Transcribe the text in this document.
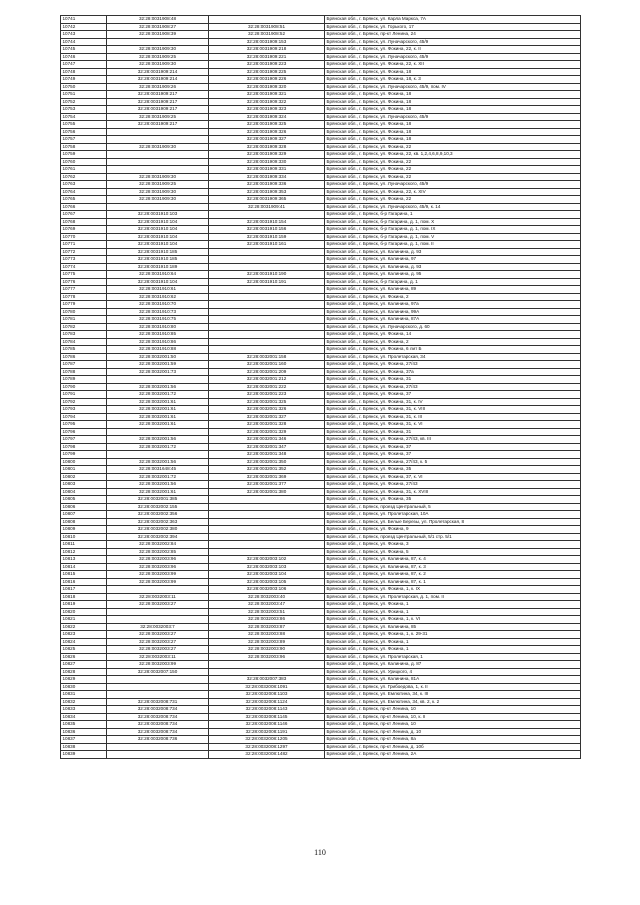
10741	32:28:0031908:48		Брянская обл., г. Брянск, ул. Карла Маркса, 7А
10742	32:28:0031908:27	32:28:0031908:51	Брянская обл., г. Брянск, ул. Горького, 17
10743	32:28:0031908:39	32:28:0031908:52	Брянская обл., г. Брянск, пр-кт Ленина, 24
10744		32:28:0031909:153	Брянская обл., г. Брянск, ул. Луначарского, 45/9
10745	32:28:0031909:30	32:28:0031909:218	Брянская обл., г. Брянск, ул. Фокина, 22, к. II
10746	32:28:0031909:25	32:28:0031909:221	Брянская обл., г. Брянск, ул. Луначарского, 45/9
10747	32:28:0031909:30	32:28:0031909:223	Брянская обл., г. Брянск, ул. Фокина, 22, к. XII
10748	32:28:0031909:214	32:28:0031909:225	Брянская обл., г. Брянск, ул. Фокина, 18
10749	32:28:0031909:214	32:28:0031909:226	Брянская обл., г. Брянск, ул. Фокина, 18, к. 3
10750	32:28:0031909:26	32:28:0031909:320	Брянская обл., г. Брянск, ул. Луначарского, 45/9, пом. IV
10751	32:28:0031909:217	32:28:0031909:321	Брянская обл., г. Брянск, ул. Фокина, 18
10752	32:28:0031909:217	32:28:0031909:322	Брянская обл., г. Брянск, ул. Фокина, 18
10753	32:28:0031909:217	32:28:0031909:323	Брянская обл., г. Брянск, ул. Фокина, 18
10754	32:28:0031909:25	32:28:0031909:324	Брянская обл., г. Брянск, ул. Луначарского, 45/9
10755	32:28:0031909:217	32:28:0031909:325	Брянская обл., г. Брянск, ул. Фокина, 18
10756		32:28:0031909:326	Брянская обл., г. Брянск, ул. Фокина, 18
10757		32:28:0031909:327	Брянская обл., г. Брянск, ул. Фокина, 18
10758	32:28:0031909:30	32:28:0031909:328	Брянская обл., г. Брянск, ул. Фокина, 22
10759		32:28:0031909:329	Брянская обл., г. Брянск, ул. Фокина, 22, кв. 1,2,4,6,8,9,10,3
10760		32:28:0031909:330	Брянская обл., г. Брянск, ул. Фокина, 22
10761		32:28:0031909:331	Брянская обл., г. Брянск, ул. Фокина, 22
10762	32:28:0031909:30	32:28:0031909:334	Брянская обл., г. Брянск, ул. Фокина, 22
10763	32:28:0031909:25	32:28:0031909:336	Брянская обл., г. Брянск, ул. Луначарского, 45/9
10764	32:28:0031909:30	32:28:0031909:353	Брянская обл., г. Брянск, ул. Фокина, 22, к. XIV
10765	32:28:0031909:30	32:28:0031909:365	Брянская обл., г. Брянск, ул. Фокина, 22
10766		32:28:0031909:41	Брянская обл., г. Брянск, ул. Луначарского, 45/9, к. 14
10767	32:28:0031910:103		Брянская обл., г. Брянск, б-р Гагарина, 1
10768	32:28:0031910:104	32:28:0031910:154	Брянская обл., г. Брянск, б-р Гагарина, д. 1, пом. X
10769	32:28:0031910:104	32:28:0031910:156	Брянская обл., г. Брянск, б-р Гагарина, д. 1, пом. IX
10770	32:28:0031910:104	32:28:0031910:159	Брянская обл., г. Брянск, б-р Гагарина, д. 1, пом. V
10771	32:28:0031910:104	32:28:0031910:161	Брянская обл., г. Брянск, б-р Гагарина, д. 1, пом. II
10772	32:28:0031910:185		Брянская обл., г. Брянск, ул. Калинина, д. 93
10773	32:28:0031910:185		Брянская обл., г. Брянск, ул. Калинина, 97
10774	32:28:0031910:189		Брянская обл., г. Брянск, ул. Калинина, д. 93
10775	32:28:0031910:64	32:28:0031910:190	Брянская обл., г. Брянск, ул. Калинина, д. 95
10776	32:28:0031910:104	32:28:0031910:191	Брянская обл., г. Брянск, б-р Гагарина, д. 1
10777	32:28:0031910:61		Брянская обл., г. Брянск, ул. Калинина, 89
10778	32:28:0031910:62		Брянская обл., г. Брянск, ул. Фокина, 2
10779	32:28:0031910:70		Брянская обл., г. Брянск, ул. Калинина, 97а
10780	32:28:0031910:73		Брянская обл., г. Брянск, ул. Калинина, 99А
10781	32:28:0031910:75		Брянская обл., г. Брянск, ул. Калинина, 87А
10782	32:28:0031910:80		Брянская обл., г. Брянск, ул. Луначарского, д. 60
10783	32:28:0031910:85		Брянская обл., г. Брянск, ул. Фокина, 14
10784	32:28:0031910:86		Брянская обл., г. Брянск, ул. Фокина, 2
10785	32:28:0031910:88		Брянская обл., г. Брянск, ул. Фокина, 6 лит Б
10786	32:28:0032001:50	32:28:0032001:158	Брянская обл., г. Брянск, ул. Пролетарская, 34
10787	32:28:0032001:59	32:28:0032001:160	Брянская обл., г. Брянск, ул. Фокина, 27/43
10788	32:28:0032001:73	32:28:0032001:209	Брянская обл., г. Брянск, ул. Фокина, 37а
10789		32:28:0032001:212	Брянская обл., г. Брянск, ул. Фокина, 31
10790	32:28:0032001:56	32:28:0032001:222	Брянская обл., г. Брянск, ул. Фокина, 27/43
10791	32:28:0032001:72	32:28:0032001:223	Брянская обл., г. Брянск, ул. Фокина, 37
10792	32:28:0032001:61	32:28:0032001:325	Брянская обл., г. Брянск, ул. Фокина, 31, к. IV
10793	32:28:0032001:61	32:28:0032001:326	Брянская обл., г. Брянск, ул. Фокина, 31, к. VIII
10794	32:28:0032001:61	32:28:0032001:327	Брянская обл., г. Брянск, ул. Фокина, 31, к. III
10795	32:28:0032001:61	32:28:0032001:328	Брянская обл., г. Брянск, ул. Фокина, 31, к. VI
10796		32:28:0032001:329	Брянская обл., г. Брянск, ул. Фокина, 31
10797	32:28:0032001:56	32:28:0032001:346	Брянская обл., г. Брянск, ул. Фокина, 27/43, кв. III
10798	32:28:0032001:72	32:28:0032001:347	Брянская обл., г. Брянск, ул. Фокина, 37
10799		32:28:0032001:348	Брянская обл., г. Брянск, ул. Фокина, 37
10800	32:28:0032001:56	32:28:0032001:350	Брянская обл., г. Брянск, ул. Фокина, 27/43, к. 5
10801	32:28:0031648:45	32:28:0032001:352	Брянская обл., г. Брянск, ул. Фокина, 35
10802	32:28:0032001:72	32:28:0032001:369	Брянская обл., г. Брянск, ул. Фокина, 37, к. VI
10803	32:28:0032001:56	32:28:0032001:377	Брянская обл., г. Брянск, ул. Фокина, 27/43
10804	32:28:0032001:61	32:28:0032001:380	Брянская обл., г. Брянск, ул. Фокина, 31, к. XVIII
10805	32:28:0032001:385		Брянская обл., г. Брянск, ул. Фокина, 35
10806	32:28:0032002:155		Брянская обл., г. Брянск, проезд Центральный, 5
10807	32:28:0032002:356		Брянская обл., г. Брянск, ул. Пролетарская, 10А
10808	32:28:0032002:363		Брянская обл., г. Брянск, ул. Белые Березы, ул. Пролетарская, 8
10809	32:28:0032002:380		Брянская обл., г. Брянск, ул. Фокина, 9
10810	32:28:0032002:394		Брянская обл., г. Брянск, проезд Центральный, 5/1 стр. 5/1
10811	32:28:0032002:84		Брянская обл., г. Брянск, ул. Фокина, 3
10812	32:28:0032002:85		Брянская обл., г. Брянск, ул. Фокина, 5
10813	32:28:0032003:96	32:28:0032003:102	Брянская обл., г. Брянск, ул. Калинина, 87, к. 4
10814	32:28:0032003:96	32:28:0032003:103	Брянская обл., г. Брянск, ул. Калинина, 87, к. 3
10815	32:28:0032003:99	32:28:0032003:104	Брянская обл., г. Брянск, ул. Калинина, 87, к. 2
10816	32:28:0032003:99	32:28:0032003:105	Брянская обл., г. Брянск, ул. Калинина, 87, к. 1
10817		32:28:0032003:106	Брянская обл., г. Брянск, ул. Фокина, 1, к. IX
10818	32:28:0032003:11	32:28:0032003:40	Брянская обл., г. Брянск, ул. Пролетарская, д. 1, пом. II
10819	32:28:0032003:27	32:28:0032003:47	Брянская обл., г. Брянск, ул. Фокина, 1
10820		32:28:0032003:51	Брянская обл., г. Брянск, ул. Фокина, 1
10821		32:28:0032003:86	Брянская обл., г. Брянск, ул. Фокина, 1, к. VI
10822	32:28:0032003:7	32:28:0032003:87	Брянская обл., г. Брянск, ул. Калинина, 85
10823	32:28:0032003:27	32:28:0032003:88	Брянская обл., г. Брянск, ул. Фокина, 1, к. 29-31
10824	32:28:0032003:27	32:28:0032003:89	Брянская обл., г. Брянск, ул. Фокина, 1
10825	32:28:0032003:27	32:28:0032003:90	Брянская обл., г. Брянск, ул. Фокина, 1
10826	32:28:0032003:11	32:28:0032003:96	Брянская обл., г. Брянск, ул. Пролетарская, 1
10827	32:28:0032003:99		Брянская обл., г. Брянск, ул. Калинина, д. 87
10828	32:28:0032007:150		Брянская обл., г. Брянск, ул. Урицкого, 4
10829		32:28:0032007:383	Брянская обл., г. Брянск, ул. Калинина, 81А
10830		32:28:0032008:1091	Брянская обл., г. Брянск, ул. Грибоедова, 1, к. II
10831		32:28:0032008:1103	Брянская обл., г. Брянск, ул. Емлютина, 34, к. III
10832	32:28:0032008:731	32:28:0032008:1124	Брянская обл., г. Брянск, ул. Емлютина, 34, кв. 2, к. 2
10833	32:28:0032008:734	32:28:0032008:1143	Брянская обл., г. Брянск, пр-кт Ленина, 10
10834	32:28:0032008:734	32:28:0032008:1145	Брянская обл., г. Брянск, пр-кт Ленина, 10, к. II
10835	32:28:0032008:734	32:28:0032008:1146	Брянская обл., г. Брянск, пр-кт Ленина, 10
10836	32:28:0032008:734	32:28:0032008:1191	Брянская обл., г. Брянск, пр-кт Ленина, д. 10
10837	32:28:0032008:736	32:28:0032008:1205	Брянская обл., г. Брянск, пр-кт Ленина, 8а
10838		32:28:0032008:1297	Брянская обл., г. Брянск, пр-кт Ленина, д. 10б
10839		32:28:0032008:1482	Брянская обл., г. Брянск, пр-кт Ленина, 2А
110
